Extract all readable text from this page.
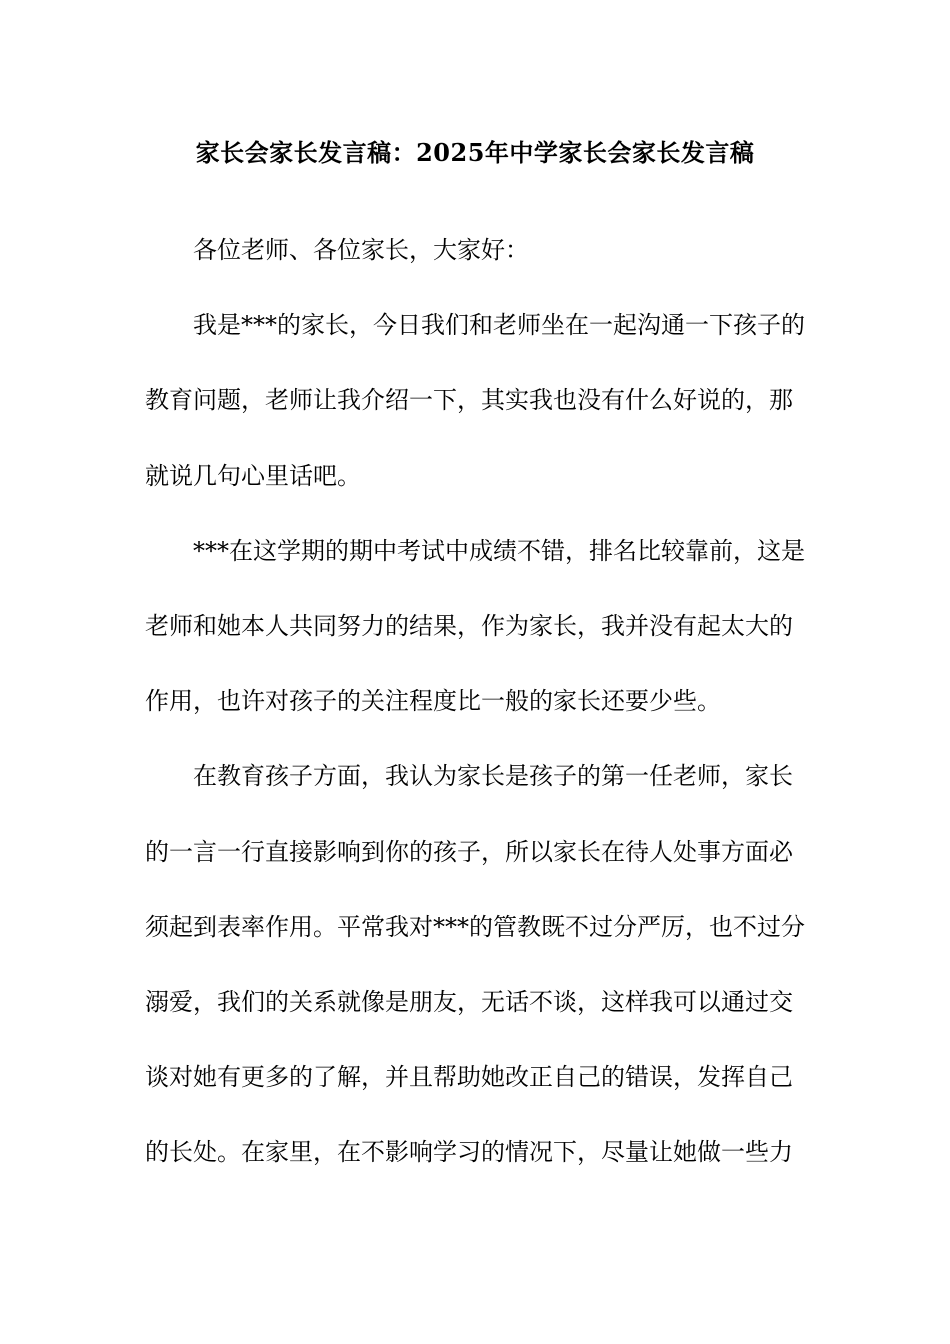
家长会家长发言稿：2025年中学家长会家长发言稿
各位老师、各位家长，大家好：
我是***的家长，今日我们和老师坐在一起沟通一下孩子的
教育问题，老师让我介绍一下，其实我也没有什么好说的，那
就说几句心里话吧。
***在这学期的期中考试中成绩不错，排名比较靠前，这是
老师和她本人共同努力的结果，作为家长，我并没有起太大的
作用，也许对孩子的关注程度比一般的家长还要少些。
在教育孩子方面，我认为家长是孩子的第一任老师，家长
的一言一行直接影响到你的孩子，所以家长在待人处事方面必
须起到表率作用。平常我对***的管教既不过分严厉，也不过分
溺爱，我们的关系就像是朋友，无话不谈，这样我可以通过交
谈对她有更多的了解，并且帮助她改正自己的错误，发挥自己
的长处。在家里，在不影响学习的情况下，尽量让她做一些力
